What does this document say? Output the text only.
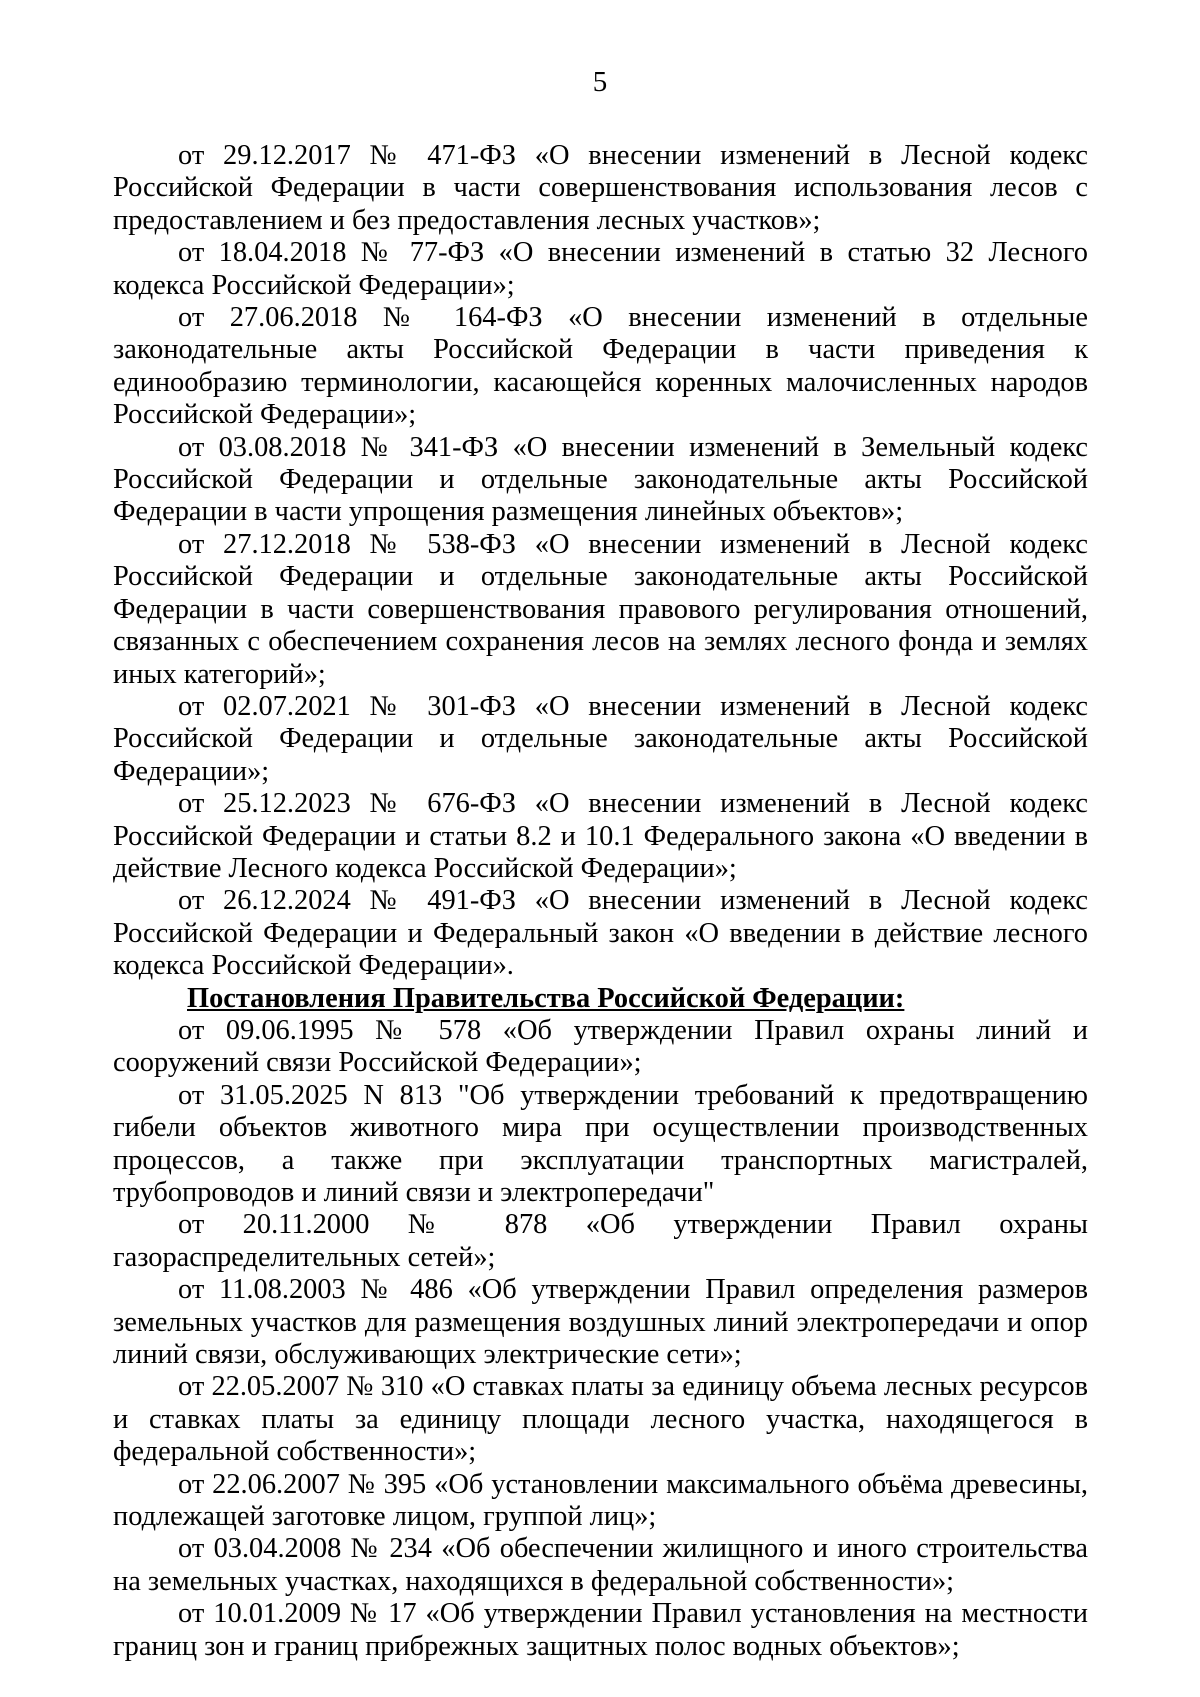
5

от 29.12.2017 № 471-ФЗ «О внесении изменений в Лесной кодекс Российской Федерации в части совершенствования использования лесов с предоставлением и без предоставления лесных участков»;

от 18.04.2018 № 77-ФЗ «О внесении изменений в статью 32 Лесного кодекса Российской Федерации»;

от 27.06.2018 № 164-ФЗ «О внесении изменений в отдельные законодательные акты Российской Федерации в части приведения к единообразию терминологии, касающейся коренных малочисленных народов Российской Федерации»;

от 03.08.2018 № 341-ФЗ «О внесении изменений в Земельный кодекс Российской Федерации и отдельные законодательные акты Российской Федерации в части упрощения размещения линейных объектов»;

от 27.12.2018 № 538-ФЗ «О внесении изменений в Лесной кодекс Российской Федерации и отдельные законодательные акты Российской Федерации в части совершенствования правового регулирования отношений, связанных с обеспечением сохранения лесов на землях лесного фонда и землях иных категорий»;

от 02.07.2021 № 301-ФЗ «О внесении изменений в Лесной кодекс Российской Федерации и отдельные законодательные акты Российской Федерации»;

от 25.12.2023 № 676-ФЗ «О внесении изменений в Лесной кодекс Российской Федерации и статьи 8.2 и 10.1 Федерального закона «О введении в действие Лесного кодекса Российской Федерации»;

от 26.12.2024 № 491-ФЗ «О внесении изменений в Лесной кодекс Российской Федерации и Федеральный закон «О введении в действие лесного кодекса Российской Федерации».

Постановления Правительства Российской Федерации:

от 09.06.1995 № 578 «Об утверждении Правил охраны линий и сооружений связи Российской Федерации»;

от 31.05.2025 N 813 "Об утверждении требований к предотвращению гибели объектов животного мира при осуществлении производственных процессов, а также при эксплуатации транспортных магистралей, трубопроводов и линий связи и электропередачи"

от 20.11.2000 № 878 «Об утверждении Правил охраны газораспределительных сетей»;

от 11.08.2003 № 486 «Об утверждении Правил определения размеров земельных участков для размещения воздушных линий электропередачи и опор линий связи, обслуживающих электрические сети»;

от 22.05.2007 № 310 «О ставках платы за единицу объема лесных ресурсов и ставках платы за единицу площади лесного участка, находящегося в федеральной собственности»;

от 22.06.2007 № 395 «Об установлении максимального объёма древесины, подлежащей заготовке лицом, группой лиц»;

от 03.04.2008 № 234 «Об обеспечении жилищного и иного строительства на земельных участках, находящихся в федеральной собственности»;

от 10.01.2009 № 17 «Об утверждении Правил установления на местности границ зон и границ прибрежных защитных полос водных объектов»;
